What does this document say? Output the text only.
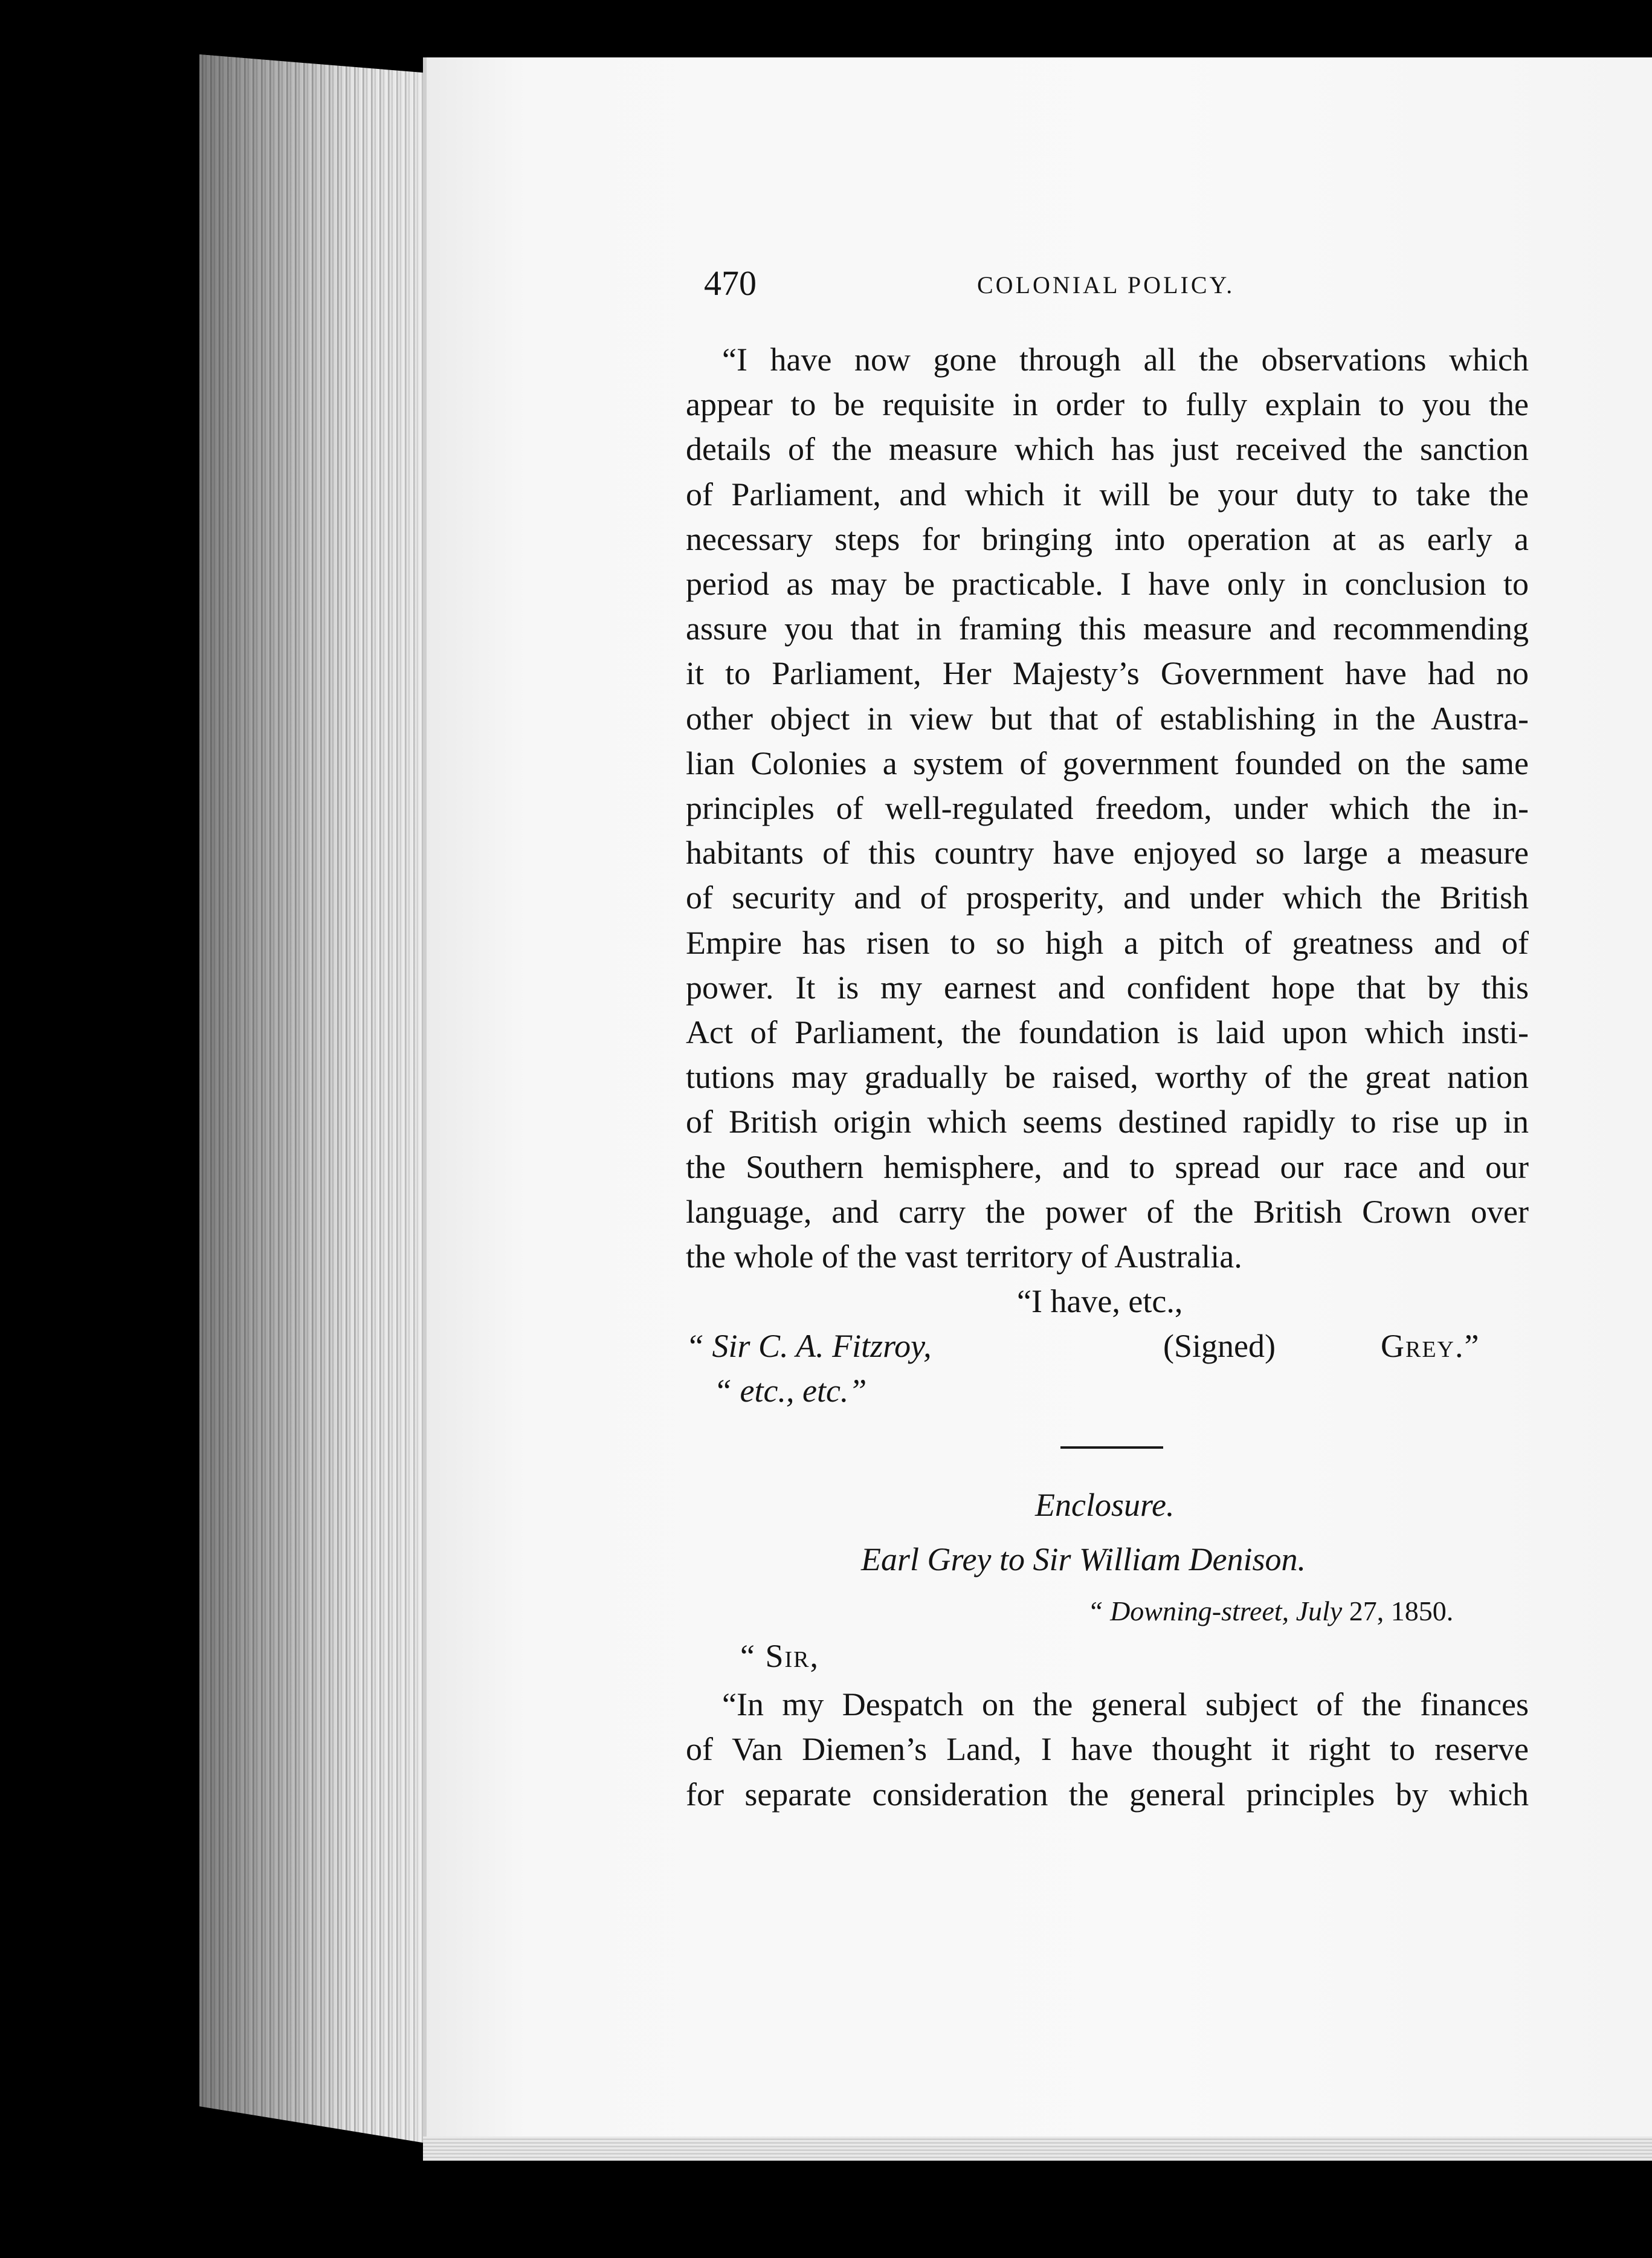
470	COLONIAL POLICY.

“I have now gone through all the observations which

appear to be requisite in order to fully explain to you the

details of the measure which has just received the sanction

of Parliament, and which it will be your duty to take the

necessary steps for bringing into operation at as early a

period as may be practicable. I have only in conclusion to

assure you that in framing this measure and recommending

it to Parliament, Her Majesty’s Government have had no

other object in view but that of establishing in the Austra-

lian Colonies a system of government founded on the same

principles of well-regulated freedom, under which the in-

habitants of this country have enjoyed so large a measure

of security and of prosperity, and under which the British

Empire has risen to so high a pitch of greatness and of

power. It is my earnest and confident hope that by this

Act of Parliament, the foundation is laid upon which insti-

tutions may gradually be raised, worthy of the great nation

of British origin which seems destined rapidly to rise up in

the Southern hemisphere, and to spread our race and our

language, and carry the power of the British Crown over

the whole of the vast territory of Australia.

“I have, etc.,
“ Sir C. A. Fitzroy,	(Signed)	Grey.”
“ etc., etc.”
Enclosure.
Earl Grey to Sir William Denison.
“ Downing-street, July 27, 1850.
“ Sir,

“In my Despatch on the general subject of the finances

of Van Diemen’s Land, I have thought it right to reserve

for separate consideration the general principles by which
